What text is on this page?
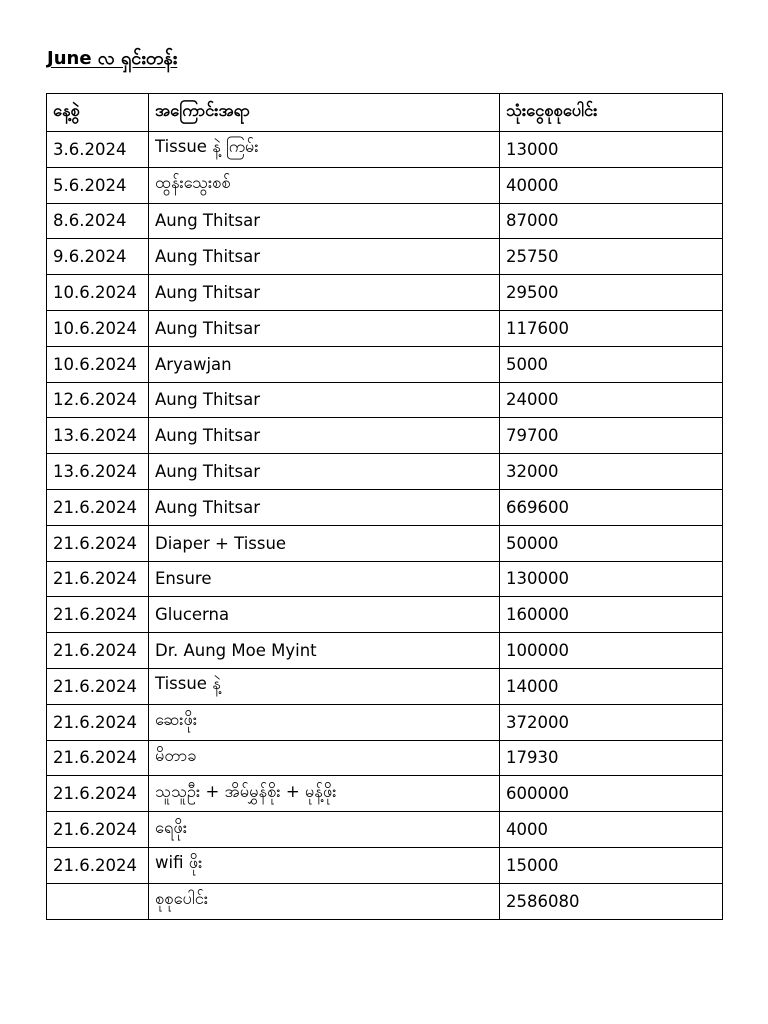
June လ ရှင်းတန်း
နေ့စွဲ	အကြောင်းအရာ	သုံးငွေစုစုပေါင်း
3.6.2024	Tissue နဲ့ ကြမ်း	13000
5.6.2024	ထွန်းသွေးစစ်	40000
8.6.2024	Aung Thitsar	87000
9.6.2024	Aung Thitsar	25750
10.6.2024	Aung Thitsar	29500
10.6.2024	Aung Thitsar	117600
10.6.2024	Aryawjan	5000
12.6.2024	Aung Thitsar	24000
13.6.2024	Aung Thitsar	79700
13.6.2024	Aung Thitsar	32000
21.6.2024	Aung Thitsar	669600
21.6.2024	Diaper + Tissue	50000
21.6.2024	Ensure	130000
21.6.2024	Glucerna	160000
21.6.2024	Dr. Aung Moe Myint	100000
21.6.2024	Tissue နဲ့	14000
21.6.2024	ဆေးဖိုး	372000
21.6.2024	မိတာခ	17930
21.6.2024	သူသူဦး + အိမ်မွှန်စိုး + မုန့်ဖိုး	600000
21.6.2024	ရေဖိုး	4000
21.6.2024	wifi ဖိုး	15000
	စုစုပေါင်း	2586080
